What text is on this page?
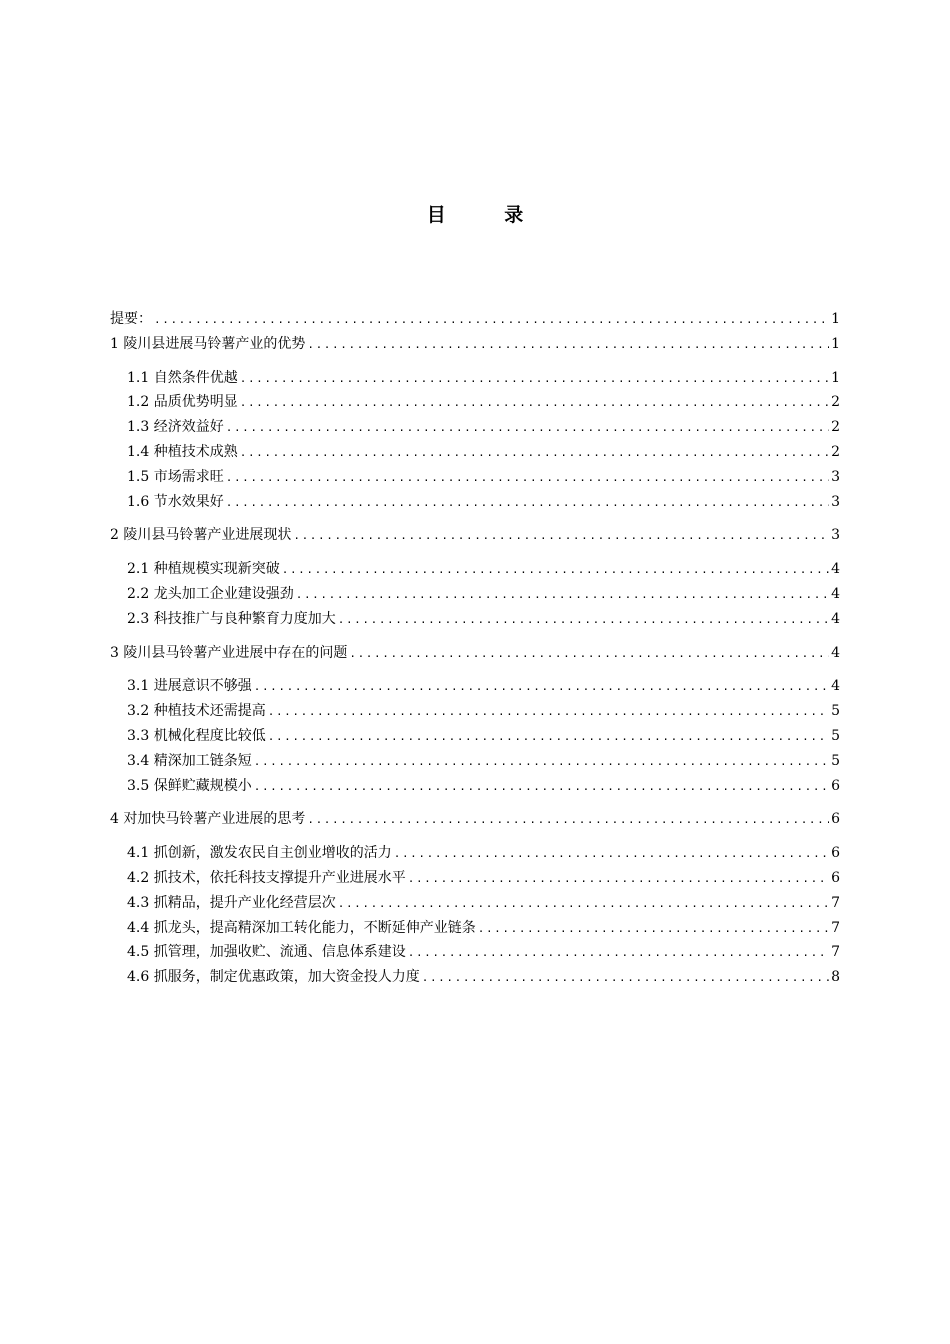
目 录
提要： .....	1
1 陵川县进展马铃薯产业的优势 .....	1
1.1 自然条件优越 .....	1
1.2 品质优势明显 .....	2
1.3 经济效益好 .....	2
1.4 种植技术成熟 .....	2
1.5 市场需求旺 .....	3
1.6 节水效果好 .....	3
2 陵川县马铃薯产业进展现状 .....	3
2.1 种植规模实现新突破 .....	4
2.2 龙头加工企业建设强劲 .....	4
2.3 科技推广与良种繁育力度加大 .....	4
3 陵川县马铃薯产业进展中存在的问题 .....	4
3.1 进展意识不够强 .....	4
3.2 种植技术还需提高 .....	5
3.3 机械化程度比较低 .....	5
3.4 精深加工链条短 .....	5
3.5 保鲜贮藏规模小 .....	6
4 对加快马铃薯产业进展的思考 .....	6
4.1 抓创新，激发农民自主创业增收的活力 .....	6
4.2 抓技术，依托科技支撑提升产业进展水平 .....	6
4.3 抓精品，提升产业化经营层次 .....	7
4.4 抓龙头，提高精深加工转化能力，不断延伸产业链条 .....	7
4.5 抓管理，加强收贮、流通、信息体系建设 .....	7
4.6 抓服务，制定优惠政策，加大资金投人力度 .....	8
